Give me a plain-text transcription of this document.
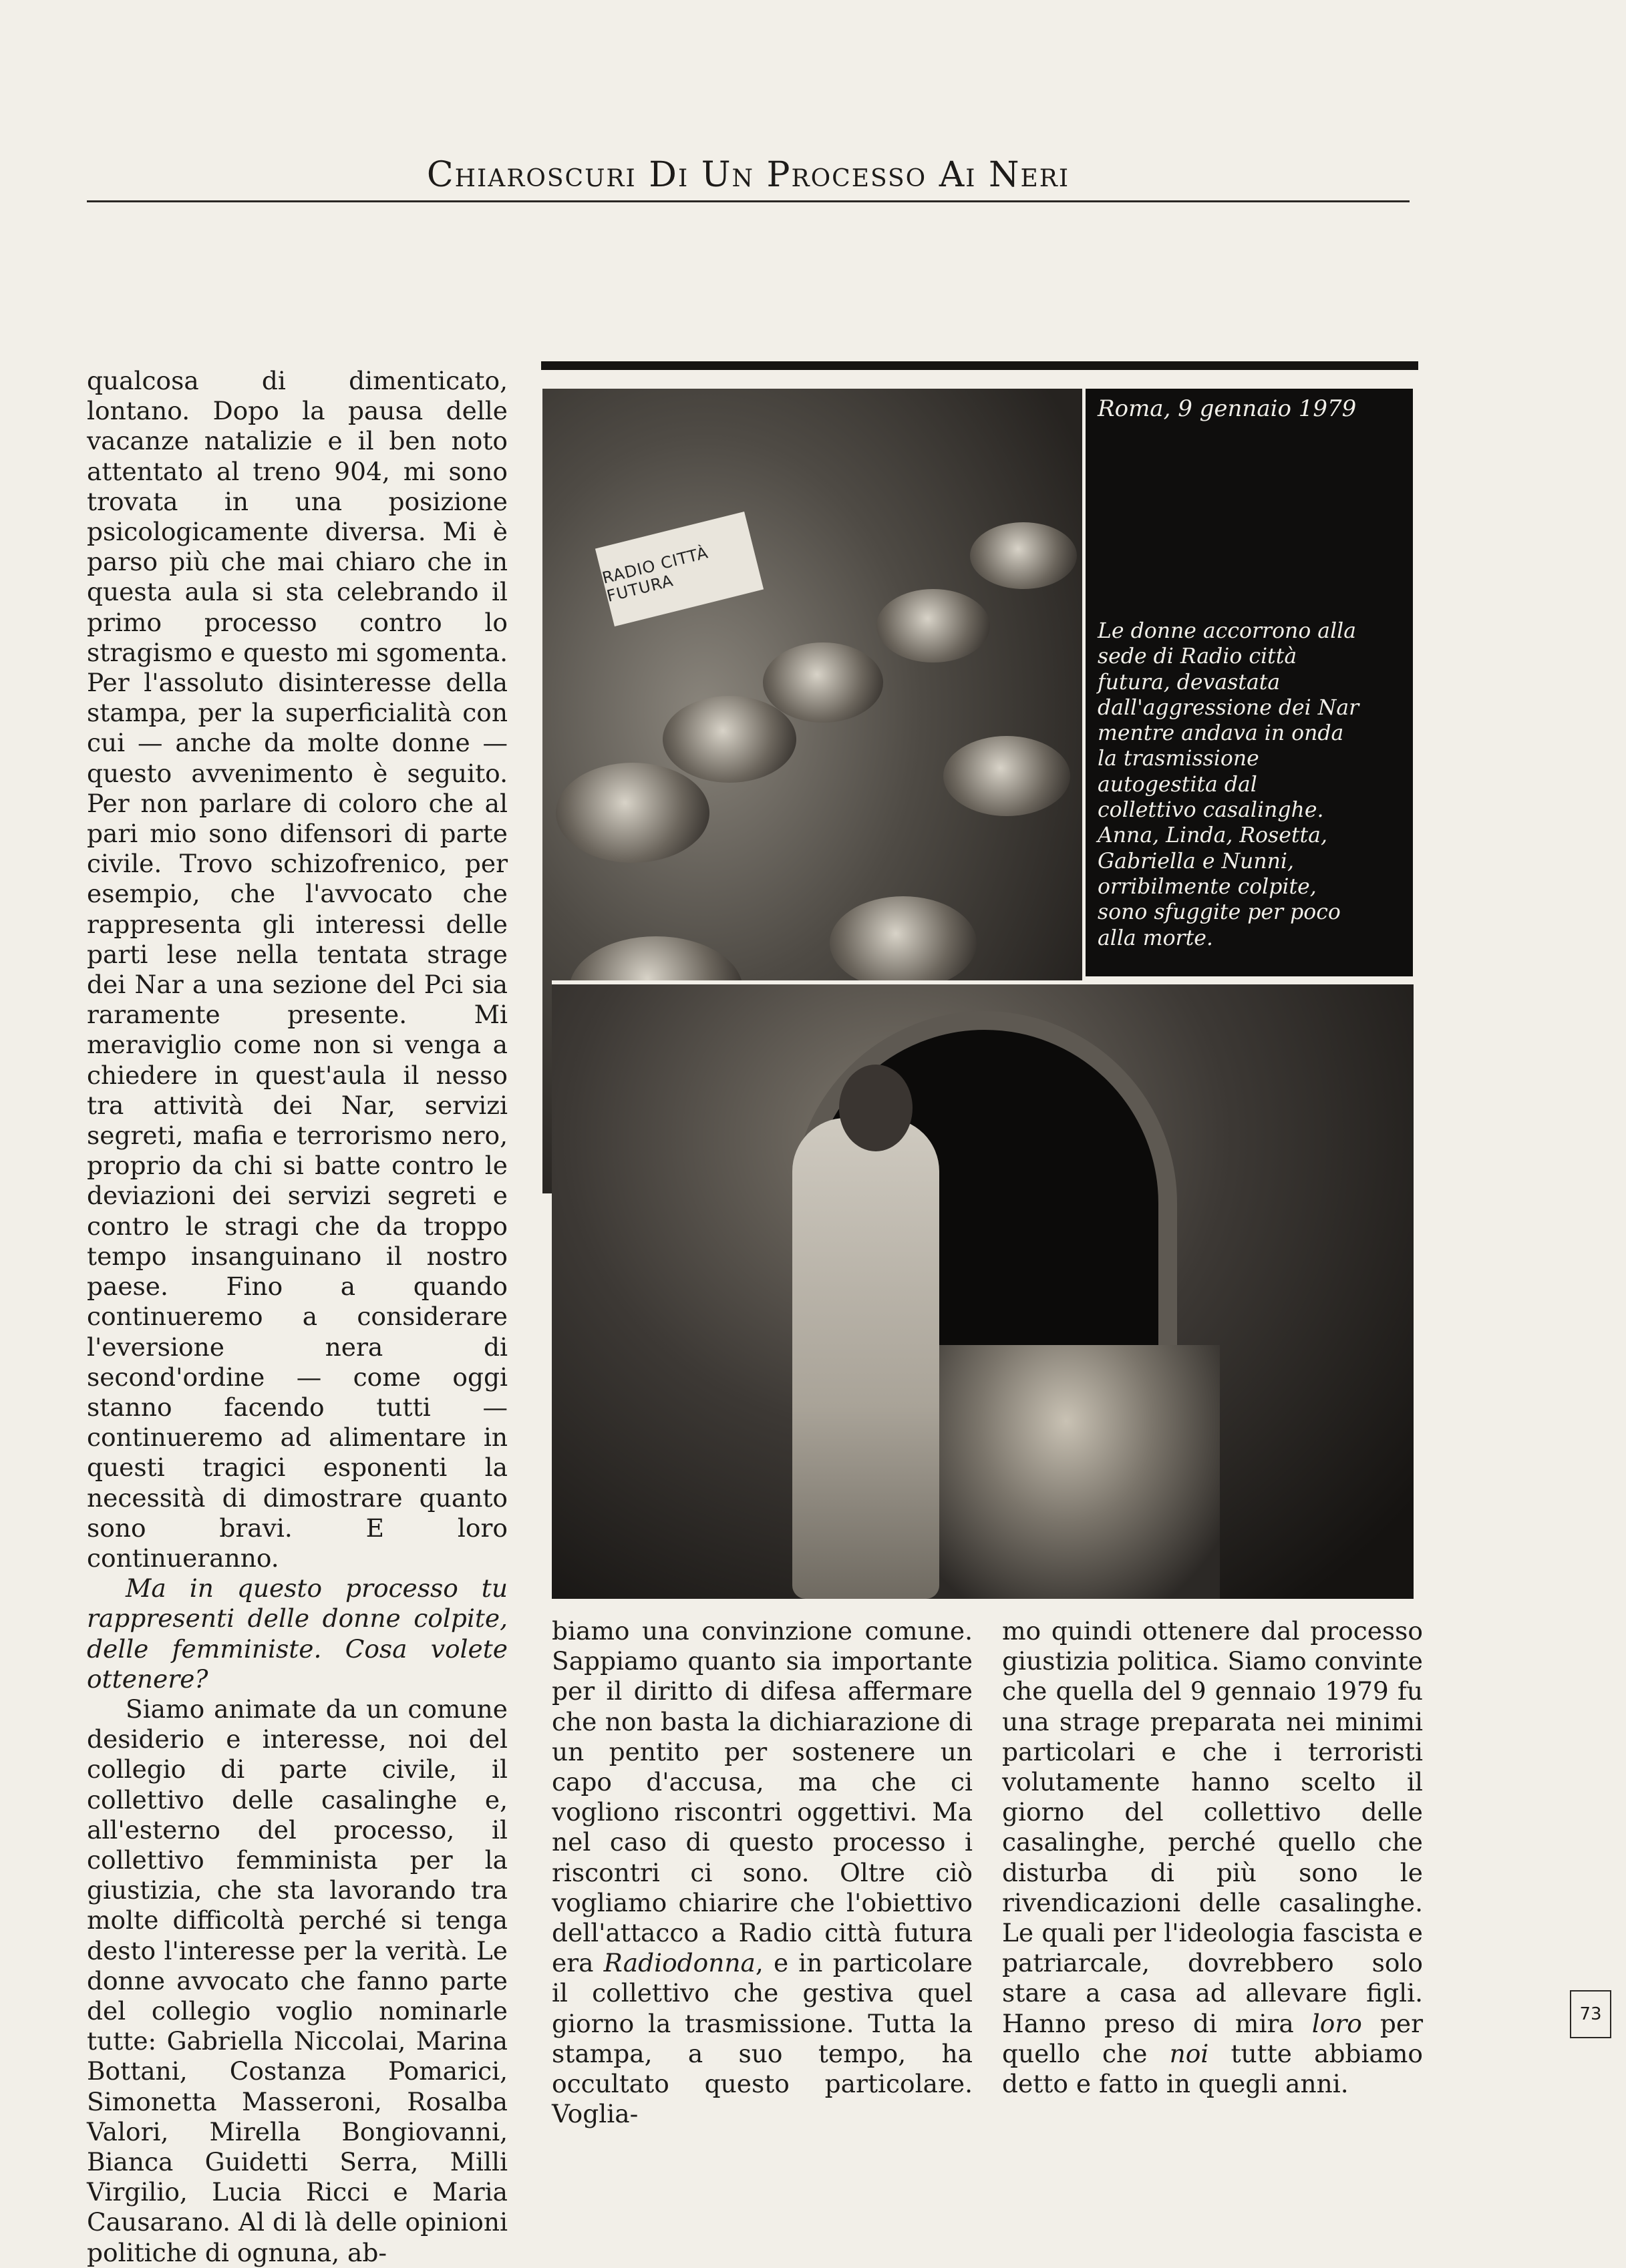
Chiaroscuri Di Un Processo Ai Neri
RADIO CITTÀ FUTURA
Roma, 9 gennaio 1979
Le donne accorrono alla
sede di Radio città
futura, devastata
dall'aggressione dei Nar
mentre andava in onda
la trasmissione
autogestita dal
collettivo casalinghe.
Anna, Linda, Rosetta,
Gabriella e Nunni,
orribilmente colpite,
sono sfuggite per poco
alla morte.

qualcosa di dimenticato, lontano. Dopo la pausa delle vacanze natalizie e il ben noto attentato al treno 904, mi sono trovata in una posizione psicologicamente diversa. Mi è parso più che mai chiaro che in questa aula si sta celebrando il primo processo contro lo stragismo e questo mi sgomenta. Per l'assoluto disinteresse della stampa, per la superficialità con cui — anche da molte donne — questo avvenimento è seguito. Per non parlare di coloro che al pari mio sono difensori di parte civile. Trovo schizofrenico, per esempio, che l'avvocato che rappresenta gli interessi delle parti lese nella tentata strage dei Nar a una sezione del Pci sia raramente presente. Mi meraviglio come non si venga a chiedere in quest'aula il nesso tra attività dei Nar, servizi segreti, mafia e terrorismo nero, proprio da chi si batte contro le deviazioni dei servizi segreti e contro le stragi che da troppo tempo insanguinano il nostro paese. Fino a quando continueremo a considerare l'eversione nera di second'ordine — come oggi stanno facendo tutti — continueremo ad alimentare in questi tragici esponenti la necessità di dimostrare quanto sono bravi. E loro continueranno.

Ma in questo processo tu rappresenti delle donne colpite, delle femministe. Cosa volete ottenere?

Siamo animate da un comune desiderio e interesse, noi del collegio di parte civile, il collettivo delle casalinghe e, all'esterno del processo, il collettivo femminista per la giustizia, che sta lavorando tra molte difficoltà perché si tenga desto l'interesse per la verità. Le donne avvocato che fanno parte del collegio voglio nominarle tutte: Gabriella Niccolai, Marina Bottani, Costanza Pomarici, Simonetta Masseroni, Rosalba Valori, Mirella Bongiovanni, Bianca Guidetti Serra, Milli Virgilio, Lucia Ricci e Maria Causarano. Al di là delle opinioni politiche di ognuna, ab-

biamo una convinzione comune. Sappiamo quanto sia importante per il diritto di difesa affermare che non basta la dichiarazione di un pentito per sostenere un capo d'accusa, ma che ci vogliono riscontri oggettivi. Ma nel caso di questo processo i riscontri ci sono. Oltre ciò vogliamo chiarire che l'obiettivo dell'attacco a Radio città futura era Radiodonna, e in particolare il collettivo che gestiva quel giorno la trasmissione. Tutta la stampa, a suo tempo, ha occultato questo particolare. Voglia-

mo quindi ottenere dal processo giustizia politica. Siamo convinte che quella del 9 gennaio 1979 fu una strage preparata nei minimi particolari e che i terroristi volutamente hanno scelto il giorno del collettivo delle casalinghe, perché quello che disturba di più sono le rivendicazioni delle casalinghe. Le quali per l'ideologia fascista e patriarcale, dovrebbero solo stare a casa ad allevare figli. Hanno preso di mira loro per quello che noi tutte abbiamo detto e fatto in quegli anni.

73
